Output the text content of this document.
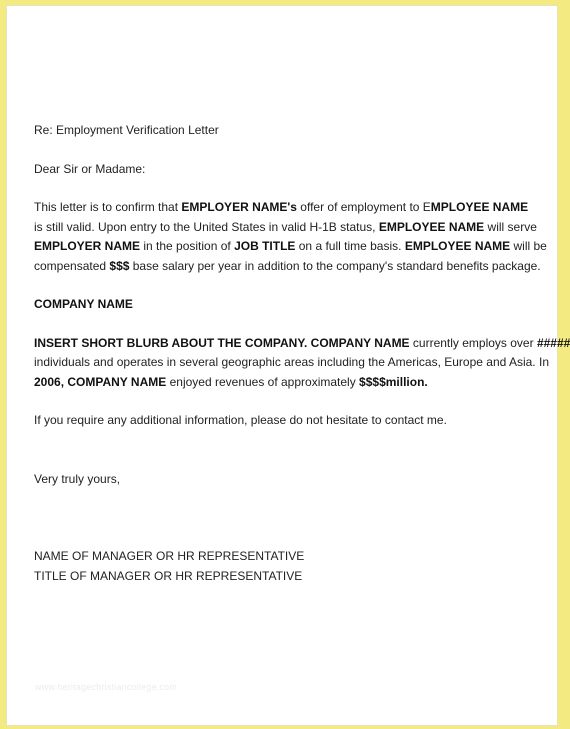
Re: Employment Verification Letter
Dear Sir or Madame:
This letter is to confirm that EMPLOYER NAME's offer of employment to EMPLOYEE NAME
is still valid. Upon entry to the United States in valid H-1B status, EMPLOYEE NAME will serve
EMPLOYER NAME in the position of JOB TITLE on a full time basis. EMPLOYEE NAME will be
compensated $$$ base salary per year in addition to the company's standard benefits package.
COMPANY NAME
INSERT SHORT BLURB ABOUT THE COMPANY. COMPANY NAME currently employs over #####
individuals and operates in several geographic areas including the Americas, Europe and Asia. In
2006, COMPANY NAME enjoyed revenues of approximately $$$$million.
If you require any additional information, please do not hesitate to contact me.
Very truly yours,
NAME OF MANAGER OR HR REPRESENTATIVE
TITLE OF MANAGER OR HR REPRESENTATIVE
www.heritagechristiancollege.com
